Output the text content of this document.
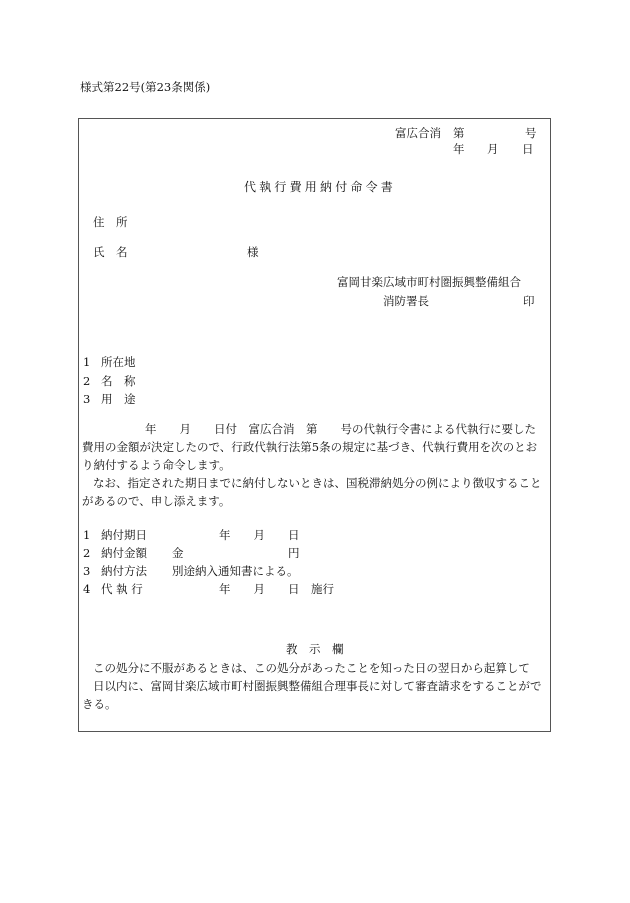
様式第22号(第23条関係)
富広合消 第	号
年 月 日
代執行費用納付命令書
住　所
氏　名	様
富岡甘楽広域市町村圏振興整備組合
消防署長	印
1 所在地
2 名　称
3 用　途
年　　月　　日付　富広合消　第　　号の代執行令書による代執行に要した
費用の金額が決定したので、行政代執行法第5条の規定に基づき、代執行費用を次のとお
り納付するよう命令します。
なお、指定された期日までに納付しないときは、国税滞納処分の例により徴収すること
があるので、申し添えます。
1 納付期日	年　　月　　日
2 納付金額 金	円
3 納付方法 別途納入通知書による。
4 代 執 行	年　　月　　日　施行
教　示　欄
この処分に不服があるときは、この処分があったことを知った日の翌日から起算して
日以内に、富岡甘楽広域市町村圏振興整備組合理事長に対して審査請求をすることがで
きる。
